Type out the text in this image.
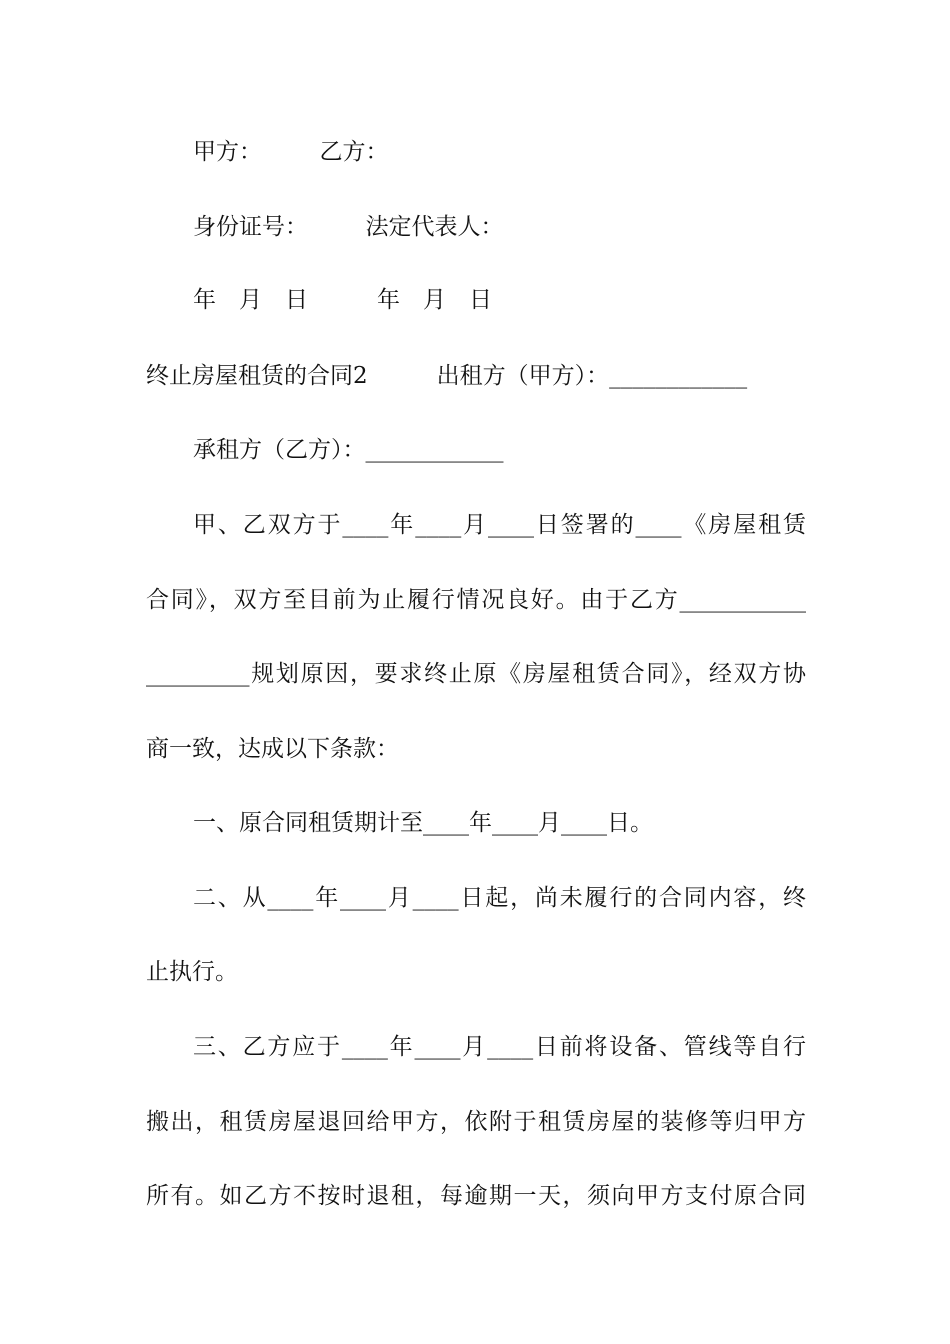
甲方：　　　乙方：
身份证号：　　　法定代表人：
年　月　日　　　年　月　日
终止房屋租赁的合同2　　　出租方（甲方）：____________
承租方（乙方）：____________
甲、乙双方于____年____月____日签署的____《房屋租赁
合同》，双方至目前为止履行情况良好。由于乙方___________
_________规划原因，要求终止原《房屋租赁合同》，经双方协
商一致，达成以下条款：
一、原合同租赁期计至____年____月____日。
二、从____年____月____日起，尚未履行的合同内容，终
止执行。
三、乙方应于____年____月____日前将设备、管线等自行
搬出，租赁房屋退回给甲方，依附于租赁房屋的装修等归甲方
所有。如乙方不按时退租，每逾期一天，须向甲方支付原合同
